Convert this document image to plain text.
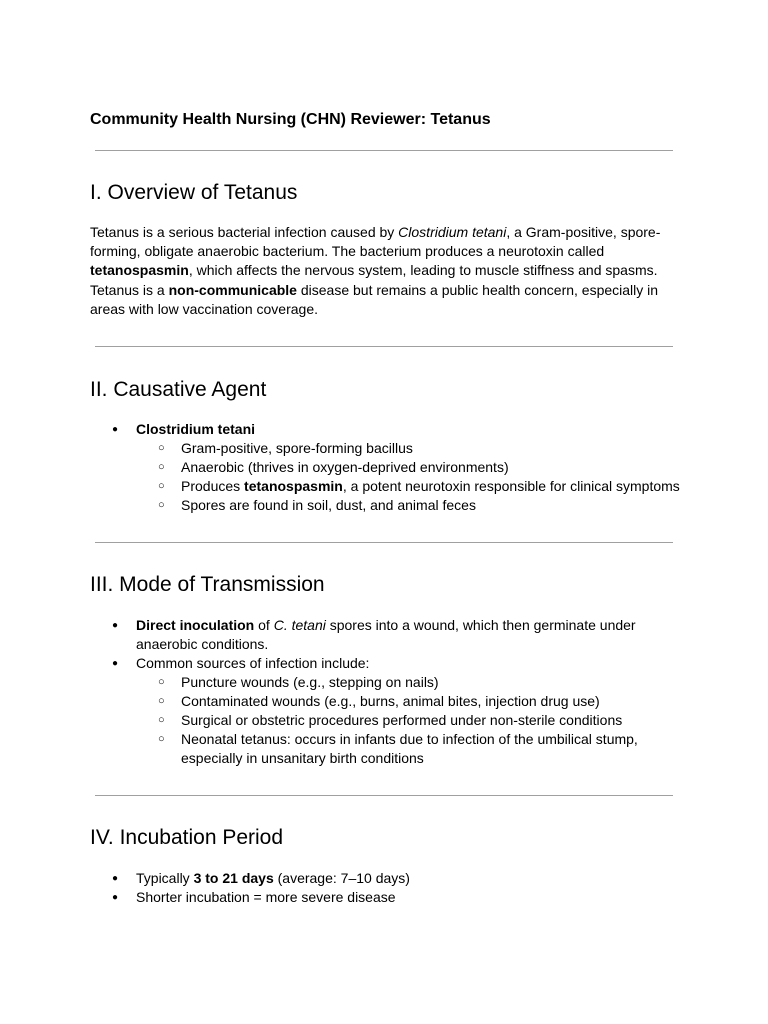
Community Health Nursing (CHN) Reviewer: Tetanus
I. Overview of Tetanus

Tetanus is a serious bacterial infection caused by Clostridium tetani, a Gram-positive, spore-forming, obligate anaerobic bacterium. The bacterium produces a neurotoxin called tetanospasmin, which affects the nervous system, leading to muscle stiffness and spasms. Tetanus is a non-communicable disease but remains a public health concern, especially in areas with low vaccination coverage.

II. Causative Agent
● Clostridium tetani
○ Gram-positive, spore-forming bacillus
○ Anaerobic (thrives in oxygen-deprived environments)
○ Produces tetanospasmin, a potent neurotoxin responsible for clinical symptoms
○ Spores are found in soil, dust, and animal feces
III. Mode of Transmission
● Direct inoculation of C. tetani spores into a wound, which then germinate under anaerobic conditions.
● Common sources of infection include:
○ Puncture wounds (e.g., stepping on nails)
○ Contaminated wounds (e.g., burns, animal bites, injection drug use)
○ Surgical or obstetric procedures performed under non-sterile conditions
○ Neonatal tetanus: occurs in infants due to infection of the umbilical stump, especially in unsanitary birth conditions
IV. Incubation Period
● Typically 3 to 21 days (average: 7–10 days)
● Shorter incubation = more severe disease
